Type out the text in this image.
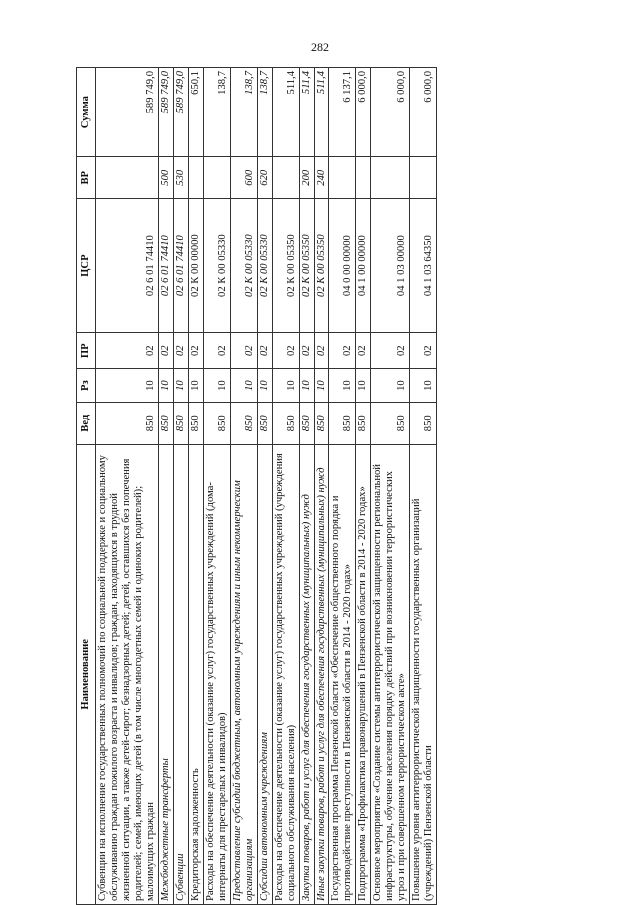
282
Наименование	Вед	Рз	ПР	ЦСР	ВР	Сумма
Субвенции на исполнение государственных полномочий по социальной поддержке и социальному обслуживанию граждан пожилого возраста и инвалидов; граждан, находящихся в трудной жизненной ситуации, а также детей-сирот; безнадзорных детей; детей, оставшихся без попечения родителей; семей, имеющих детей (в том числе многодетных семей и одиноких родителей); малоимущих граждан	850	10	02	02 6 01 74410		589 749,0
Межбюджетные трансферты	850	10	02	02 6 01 74410	500	589 749,0
Субвенции	850	10	02	02 6 01 74410	530	589 749,0
Кредиторская задолженность	850	10	02	02 К 00 00000		650,1
Расходы на обеспечение деятельности (оказание услуг) государственных учреждений (дома-интернаты для престарелых и инвалидов)	850	10	02	02 К 00 05330		138,7
Предоставление субсидий бюджетным, автономным учреждениям и иным некоммерческим организациям	850	10	02	02 К 00 05330	600	138,7
Субсидии автономным учреждениям	850	10	02	02 К 00 05330	620	138,7
Расходы на обеспечение деятельности (оказание услуг) государственных учреждений (учреждения социального обслуживания населения)	850	10	02	02 К 00 05350		511,4
Закупка товаров, работ и услуг для обеспечения государственных (муниципальных) нужд	850	10	02	02 К 00 05350	200	511,4
Иные закупки товаров, работ и услуг для обеспечения государственных (муниципальных) нужд	850	10	02	02 К 00 05350	240	511,4
Государственная программа Пензенской области «Обеспечение общественного порядка и противодействие преступности в Пензенской области в 2014 - 2020 годах»	850	10	02	04 0 00 00000		6 137,1
Подпрограмма «Профилактика правонарушений в Пензенской области в 2014 - 2020 годах»	850	10	02	04 1 00 00000		6 000,0
Основное мероприятие «Создание системы антитеррористической защищенности региональной инфраструктуры, обучение населения порядку действий при возникновении террористических угроз и при совершенном террористическом акте»	850	10	02	04 1 03 00000		6 000,0
Повышение уровня антитеррористической защищенности государственных организаций (учреждений) Пензенской области	850	10	02	04 1 03 64350		6 000,0
